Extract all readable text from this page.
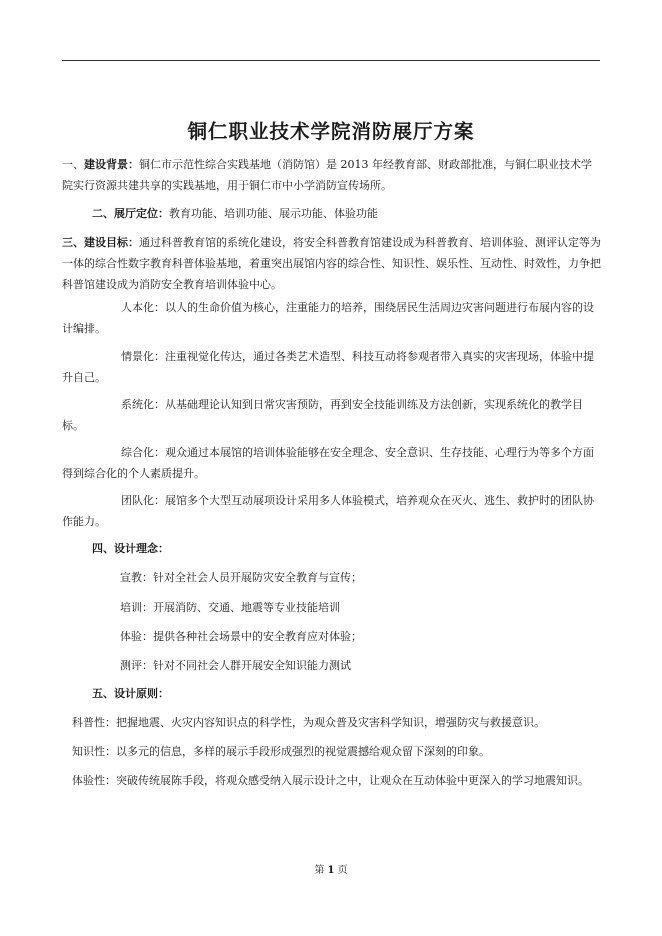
铜仁职业技术学院消防展厅方案
一、建设背景：铜仁市示范性综合实践基地（消防馆）是 2013 年经教育部、财政部批准，与铜仁职业技术学院实行资源共建共享的实践基地，用于铜仁市中小学消防宣传场所。
二、展厅定位：教育功能、培训功能、展示功能、体验功能
三、建设目标：通过科普教育馆的系统化建设，将安全科普教育馆建设成为科普教育、培训体验、测评认定等为一体的综合性数字教育科普体验基地，着重突出展馆内容的综合性、知识性、娱乐性、互动性、时效性，力争把科普馆建设成为消防安全教育培训体验中心。
人本化：以人的生命价值为核心，注重能力的培养，围绕居民生活周边灾害问题进行布展内容的设计编排。
情景化：注重视觉化传达，通过各类艺术造型、科技互动将参观者带入真实的灾害现场，体验中提升自己。
系统化：从基础理论认知到日常灾害预防，再到安全技能训练及方法创新，实现系统化的教学目标。
综合化：观众通过本展馆的培训体验能够在安全理念、安全意识、生存技能、心理行为等多个方面得到综合化的个人素质提升。
团队化：展馆多个大型互动展项设计采用多人体验模式，培养观众在灭火、逃生、救护时的团队协作能力。
四、设计理念：
宣教：针对全社会人员开展防灾安全教育与宣传；
培训：开展消防、交通、地震等专业技能培训
体验：提供各种社会场景中的安全教育应对体验；
测评：针对不同社会人群开展安全知识能力测试
五、设计原则：
科普性：把握地震、火灾内容知识点的科学性，为观众普及灾害科学知识，增强防灾与救援意识。
知识性：以多元的信息，多样的展示手段形成强烈的视觉震撼给观众留下深刻的印象。
体验性：突破传统展陈手段，将观众感受纳入展示设计之中，让观众在互动体验中更深入的学习地震知识。
第 1 页
